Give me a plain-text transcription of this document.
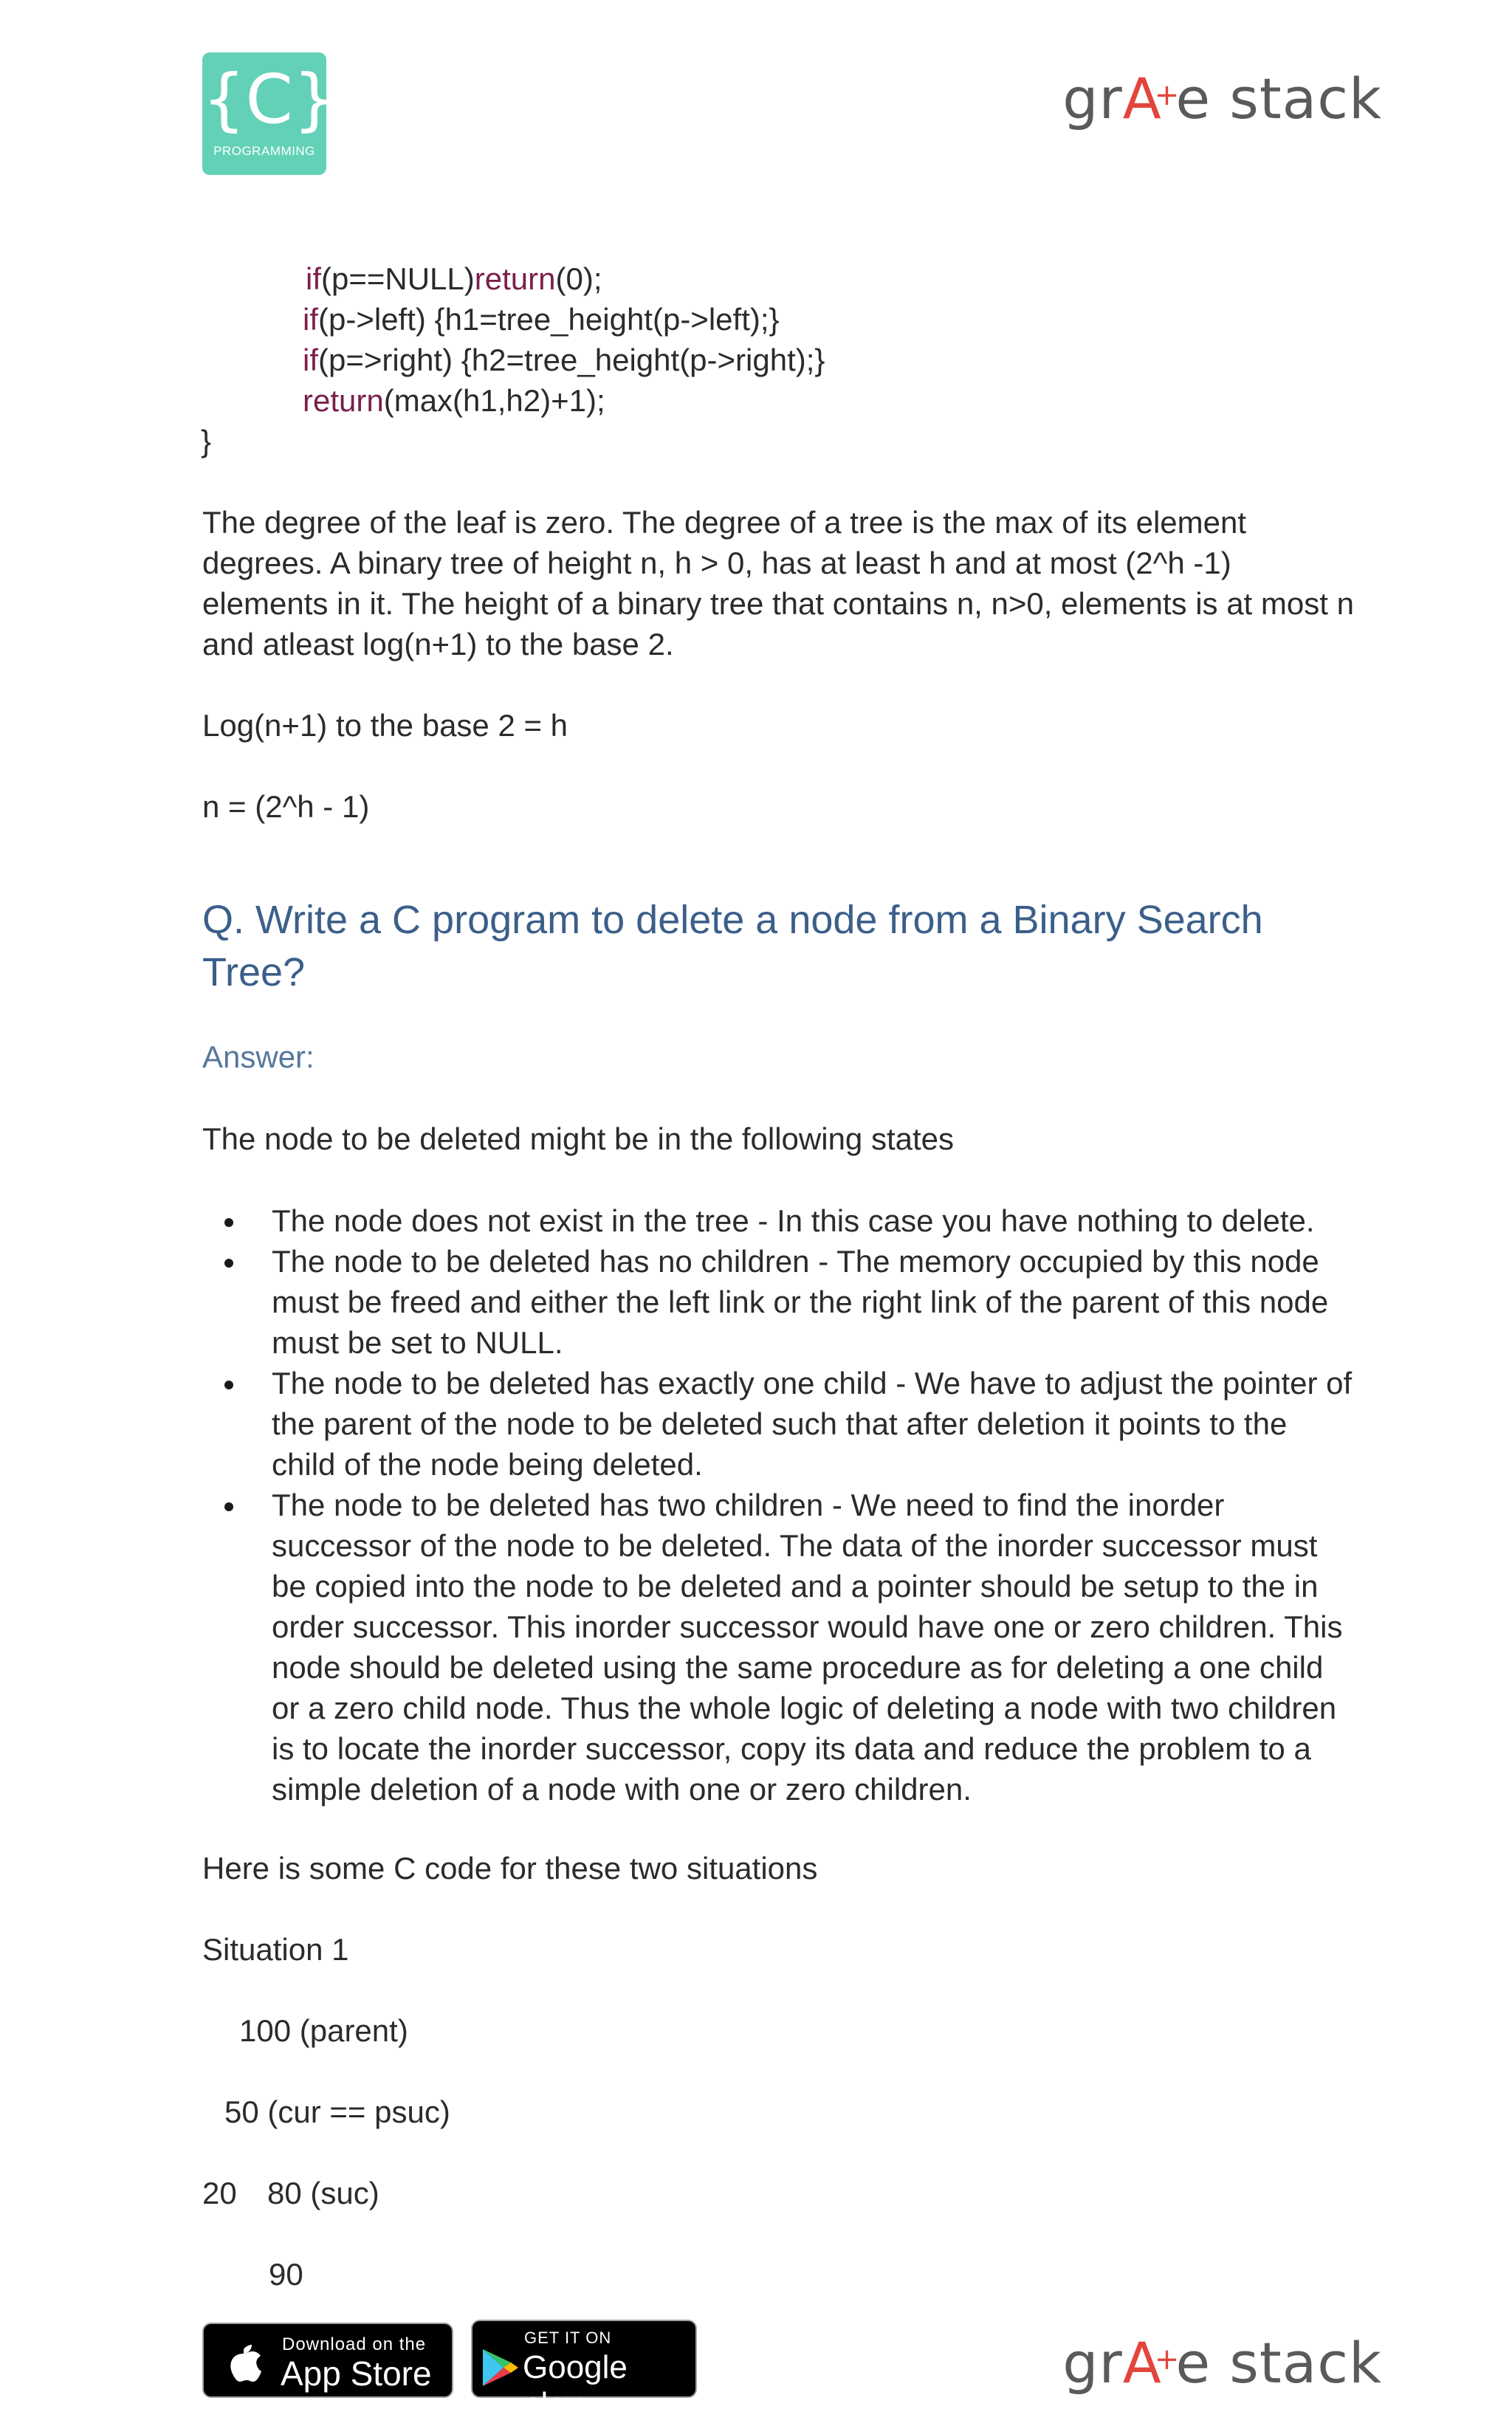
{C}
PROGRAMMING
grA+e stack
if(p==NULL)return(0);
if(p->left) {h1=tree_height(p->left);}
if(p=>right) {h2=tree_height(p->right);}
return(max(h1,h2)+1);
}
The degree of the leaf is zero. The degree of a tree is the max of its element degrees. A binary tree of height n, h > 0, has at least h and at most (2^h -1) elements in it. The height of a binary tree that contains n, n>0, elements is at most n and atleast log(n+1) to the base 2.
Log(n+1) to the base 2 = h
n = (2^h - 1)
Q. Write a C program to delete a node from a Binary Search Tree?
Answer:
The node to be deleted might be in the following states
The node does not exist in the tree - In this case you have nothing to delete.
The node to be deleted has no children - The memory occupied by this node must be freed and either the left link or the right link of the parent of this node must be set to NULL.
The node to be deleted has exactly one child - We have to adjust the pointer of the parent of the node to be deleted such that after deletion it points to the child of the node being deleted.
The node to be deleted has two children - We need to find the inorder successor of the node to be deleted. The data of the inorder successor must be copied into the node to be deleted and a pointer should be setup to the in order successor. This inorder successor would have one or zero children. This node should be deleted using the same procedure as for deleting a one child or a zero child node. Thus the whole logic of deleting a node with two children is to locate the inorder successor, copy its data and reduce the problem to a simple deletion of a node with one or zero children.
Here is some C code for these two situations
Situation 1
100 (parent)
50 (cur == psuc)
20 80 (suc)
90
Download on the
App Store
GET IT ON
Google play
grA+e stack
